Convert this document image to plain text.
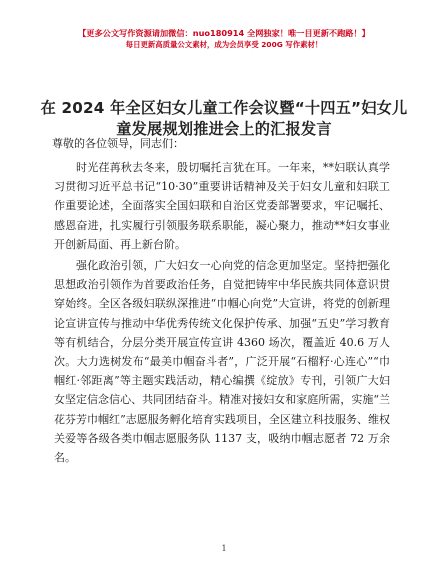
【更多公文写作资源请加微信：nuo180914 全网独家！唯一目更新不跑路！】
每日更新高质量公文素材，成为会员享受 200G 写作素材！
在 2024 年全区妇女儿童工作会议暨“十四五”妇女儿童发展规划推进会上的汇报发言
尊敬的各位领导，同志们：

时光荏苒秋去冬来，殷切嘱托言犹在耳。一年来，**妇联认真学习贯彻习近平总书记“10·30”重要讲话精神及关于妇女儿童和妇联工作重要论述，全面落实全国妇联和自治区党委部署要求，牢记嘱托、感恩奋进，扎实履行引领服务联系职能，凝心聚力，推动**妇女事业开创新局面、再上新台阶。

强化政治引领，广大妇女一心向党的信念更加坚定。坚持把强化思想政治引领作为首要政治任务，自觉把铸牢中华民族共同体意识贯穿始终。全区各级妇联纵深推进“巾帼心向党”大宣讲，将党的创新理论宣讲宣传与推动中华优秀传统文化保护传承、加强“五史”学习教育等有机结合，分层分类开展宣传宣讲 4360 场次，覆盖近 40.6 万人次。大力选树发布“最美巾帼奋斗者”，广泛开展“石榴籽·心连心”“巾帼红·邻距离”等主题实践活动，精心编撰《绽放》专刊，引领广大妇女坚定信念信心、共同团结奋斗。精准对接妇女和家庭所需，实施“兰花芬芳巾帼红”志愿服务孵化培育实践项目，全区建立科技服务、维权关爱等各级各类巾帼志愿服务队 1137 支，吸纳巾帼志愿者 72 万余名。

1
